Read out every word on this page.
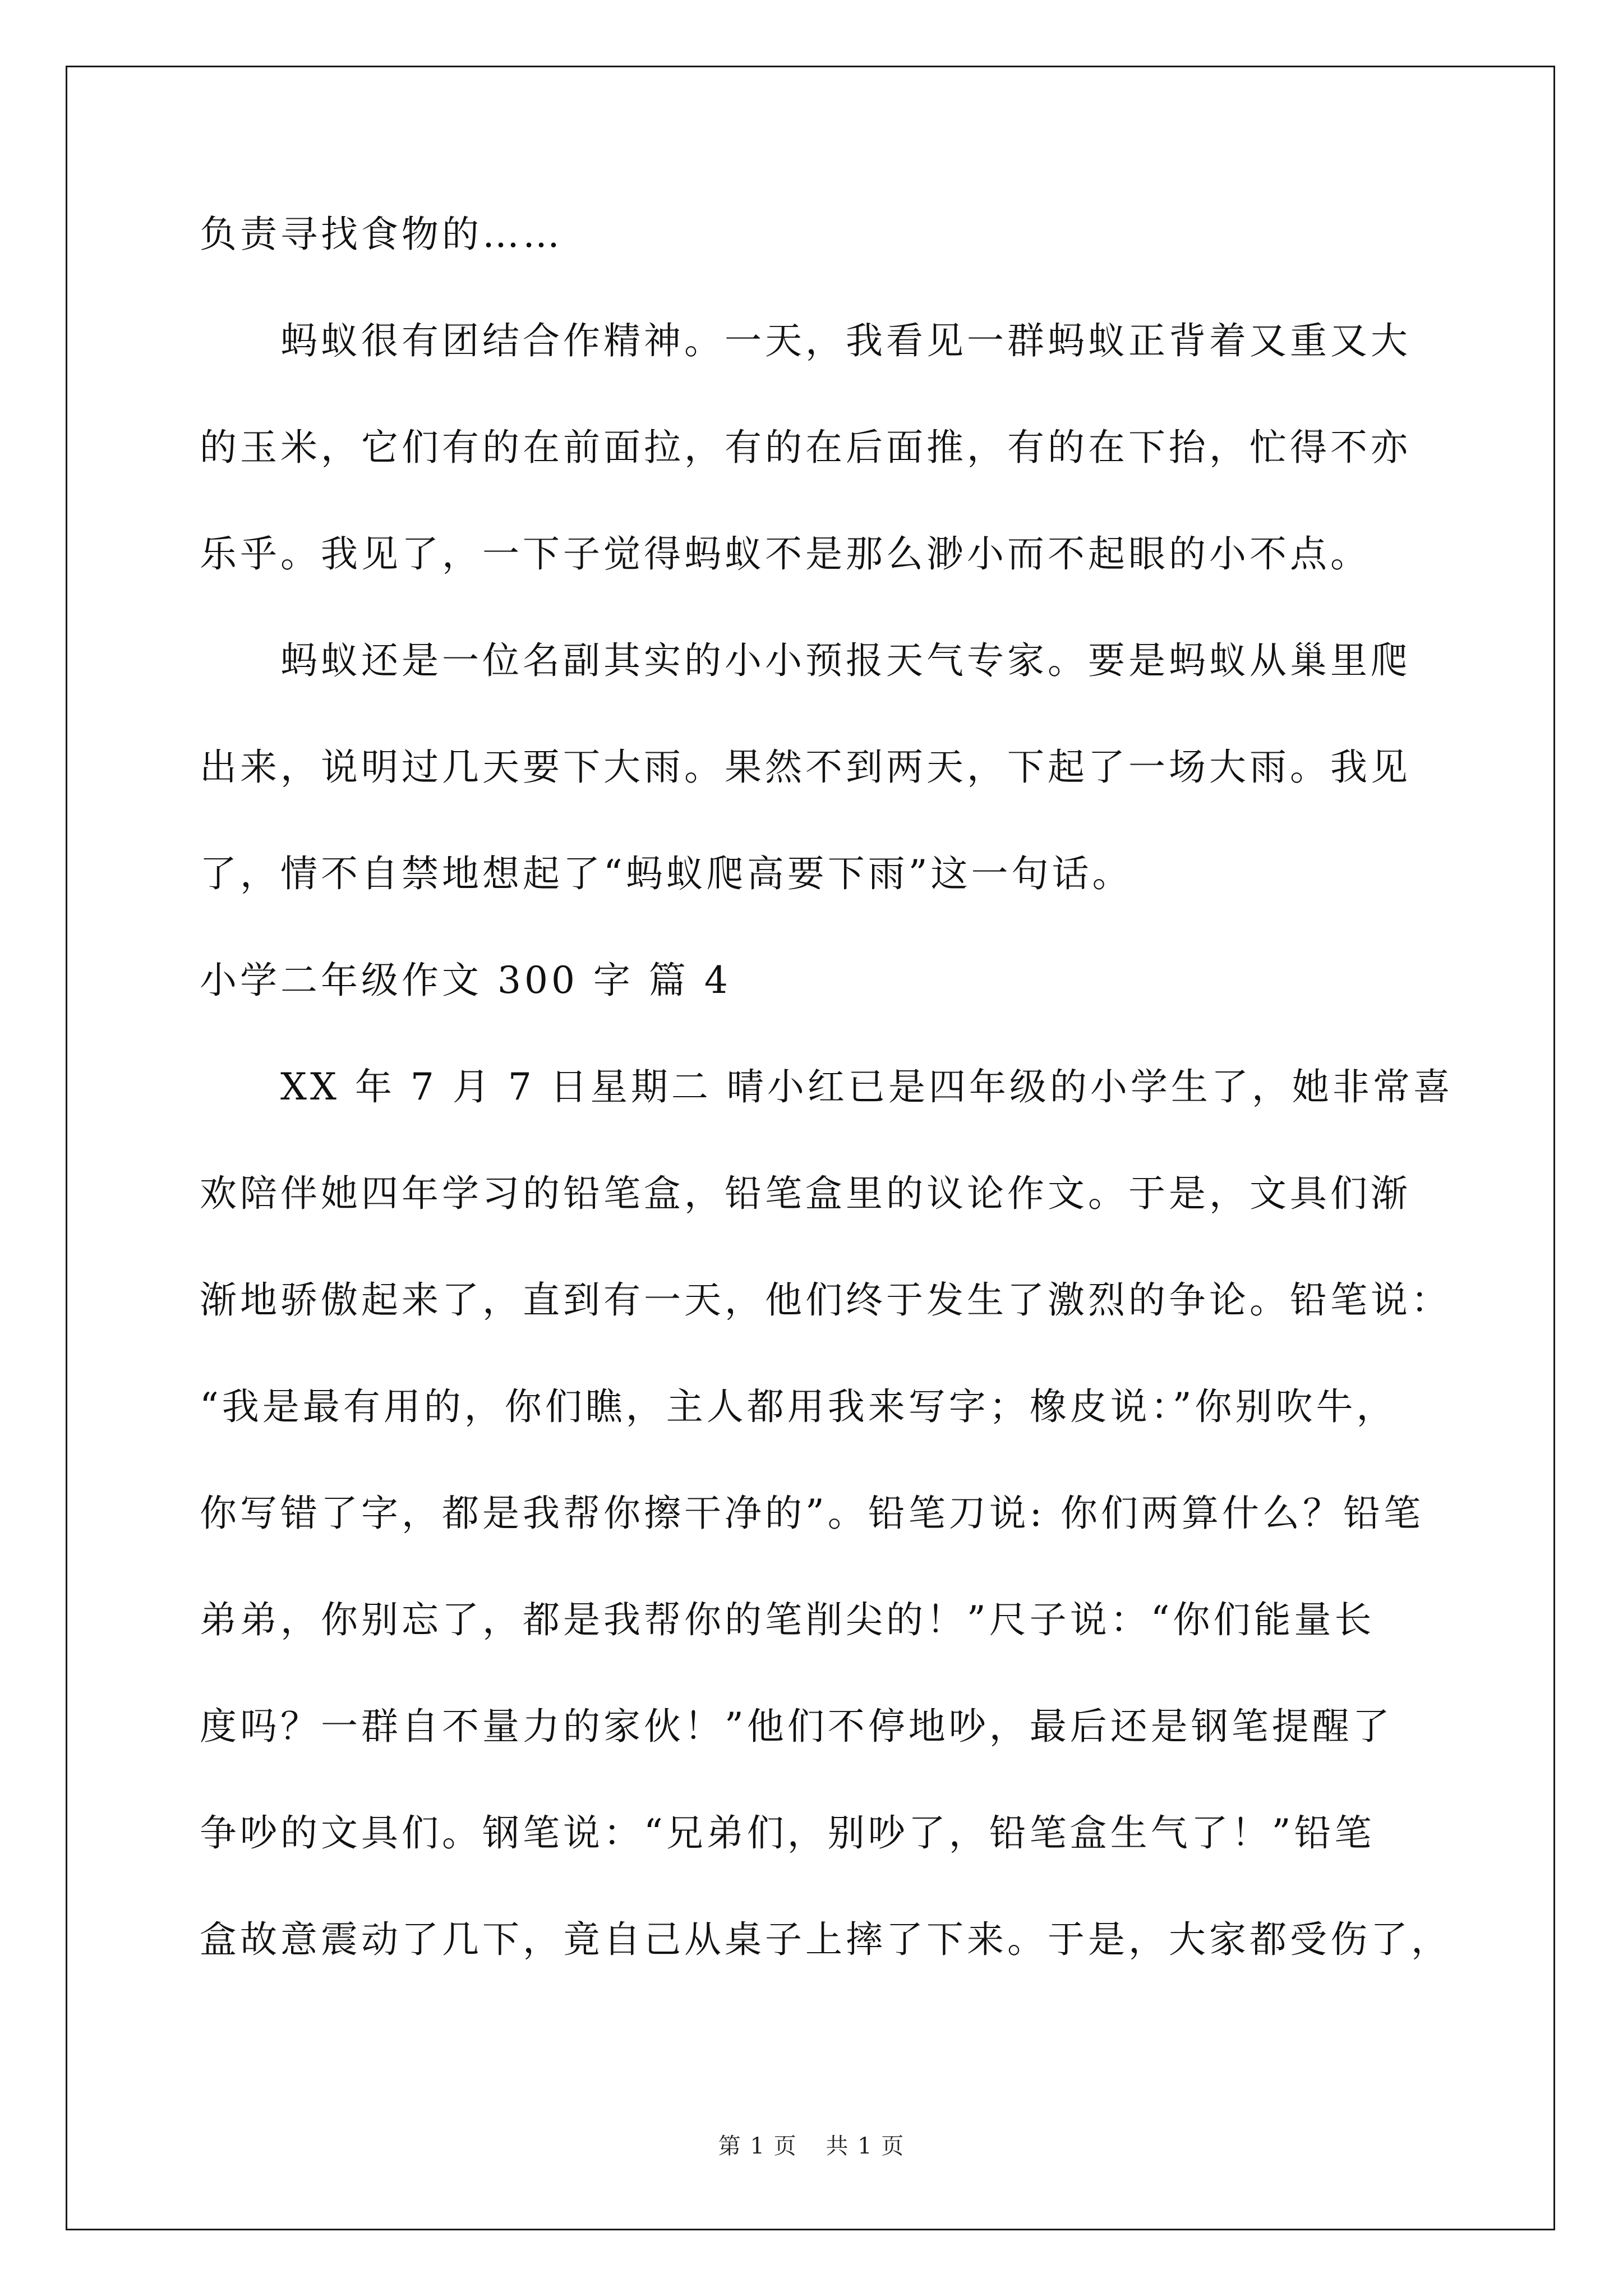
负责寻找食物的……
　　蚂蚁很有团结合作精神。一天，我看见一群蚂蚁正背着又重又大
的玉米，它们有的在前面拉，有的在后面推，有的在下抬，忙得不亦
乐乎。我见了，一下子觉得蚂蚁不是那么渺小而不起眼的小不点。
　　蚂蚁还是一位名副其实的小小预报天气专家。要是蚂蚁从巢里爬
出来，说明过几天要下大雨。果然不到两天，下起了一场大雨。我见
了，情不自禁地想起了“蚂蚁爬高要下雨”这一句话。
小学二年级作文 300 字 篇 4
　　XX 年 7 月 7 日星期二 晴小红已是四年级的小学生了，她非常喜
欢陪伴她四年学习的铅笔盒，铅笔盒里的议论作文。于是，文具们渐
渐地骄傲起来了，直到有一天，他们终于发生了激烈的争论。铅笔说：
“我是最有用的，你们瞧，主人都用我来写字；橡皮说：”你别吹牛，
你写错了字，都是我帮你擦干净的”。铅笔刀说: 你们两算什么？铅笔
弟弟，你别忘了，都是我帮你的笔削尖的！”尺子说：“你们能量长
度吗？一群自不量力的家伙！”他们不停地吵，最后还是钢笔提醒了
争吵的文具们。钢笔说：“兄弟们，别吵了，铅笔盒生气了！”铅笔
盒故意震动了几下，竟自己从桌子上摔了下来。于是，大家都受伤了，
第 1 页 共 1 页
